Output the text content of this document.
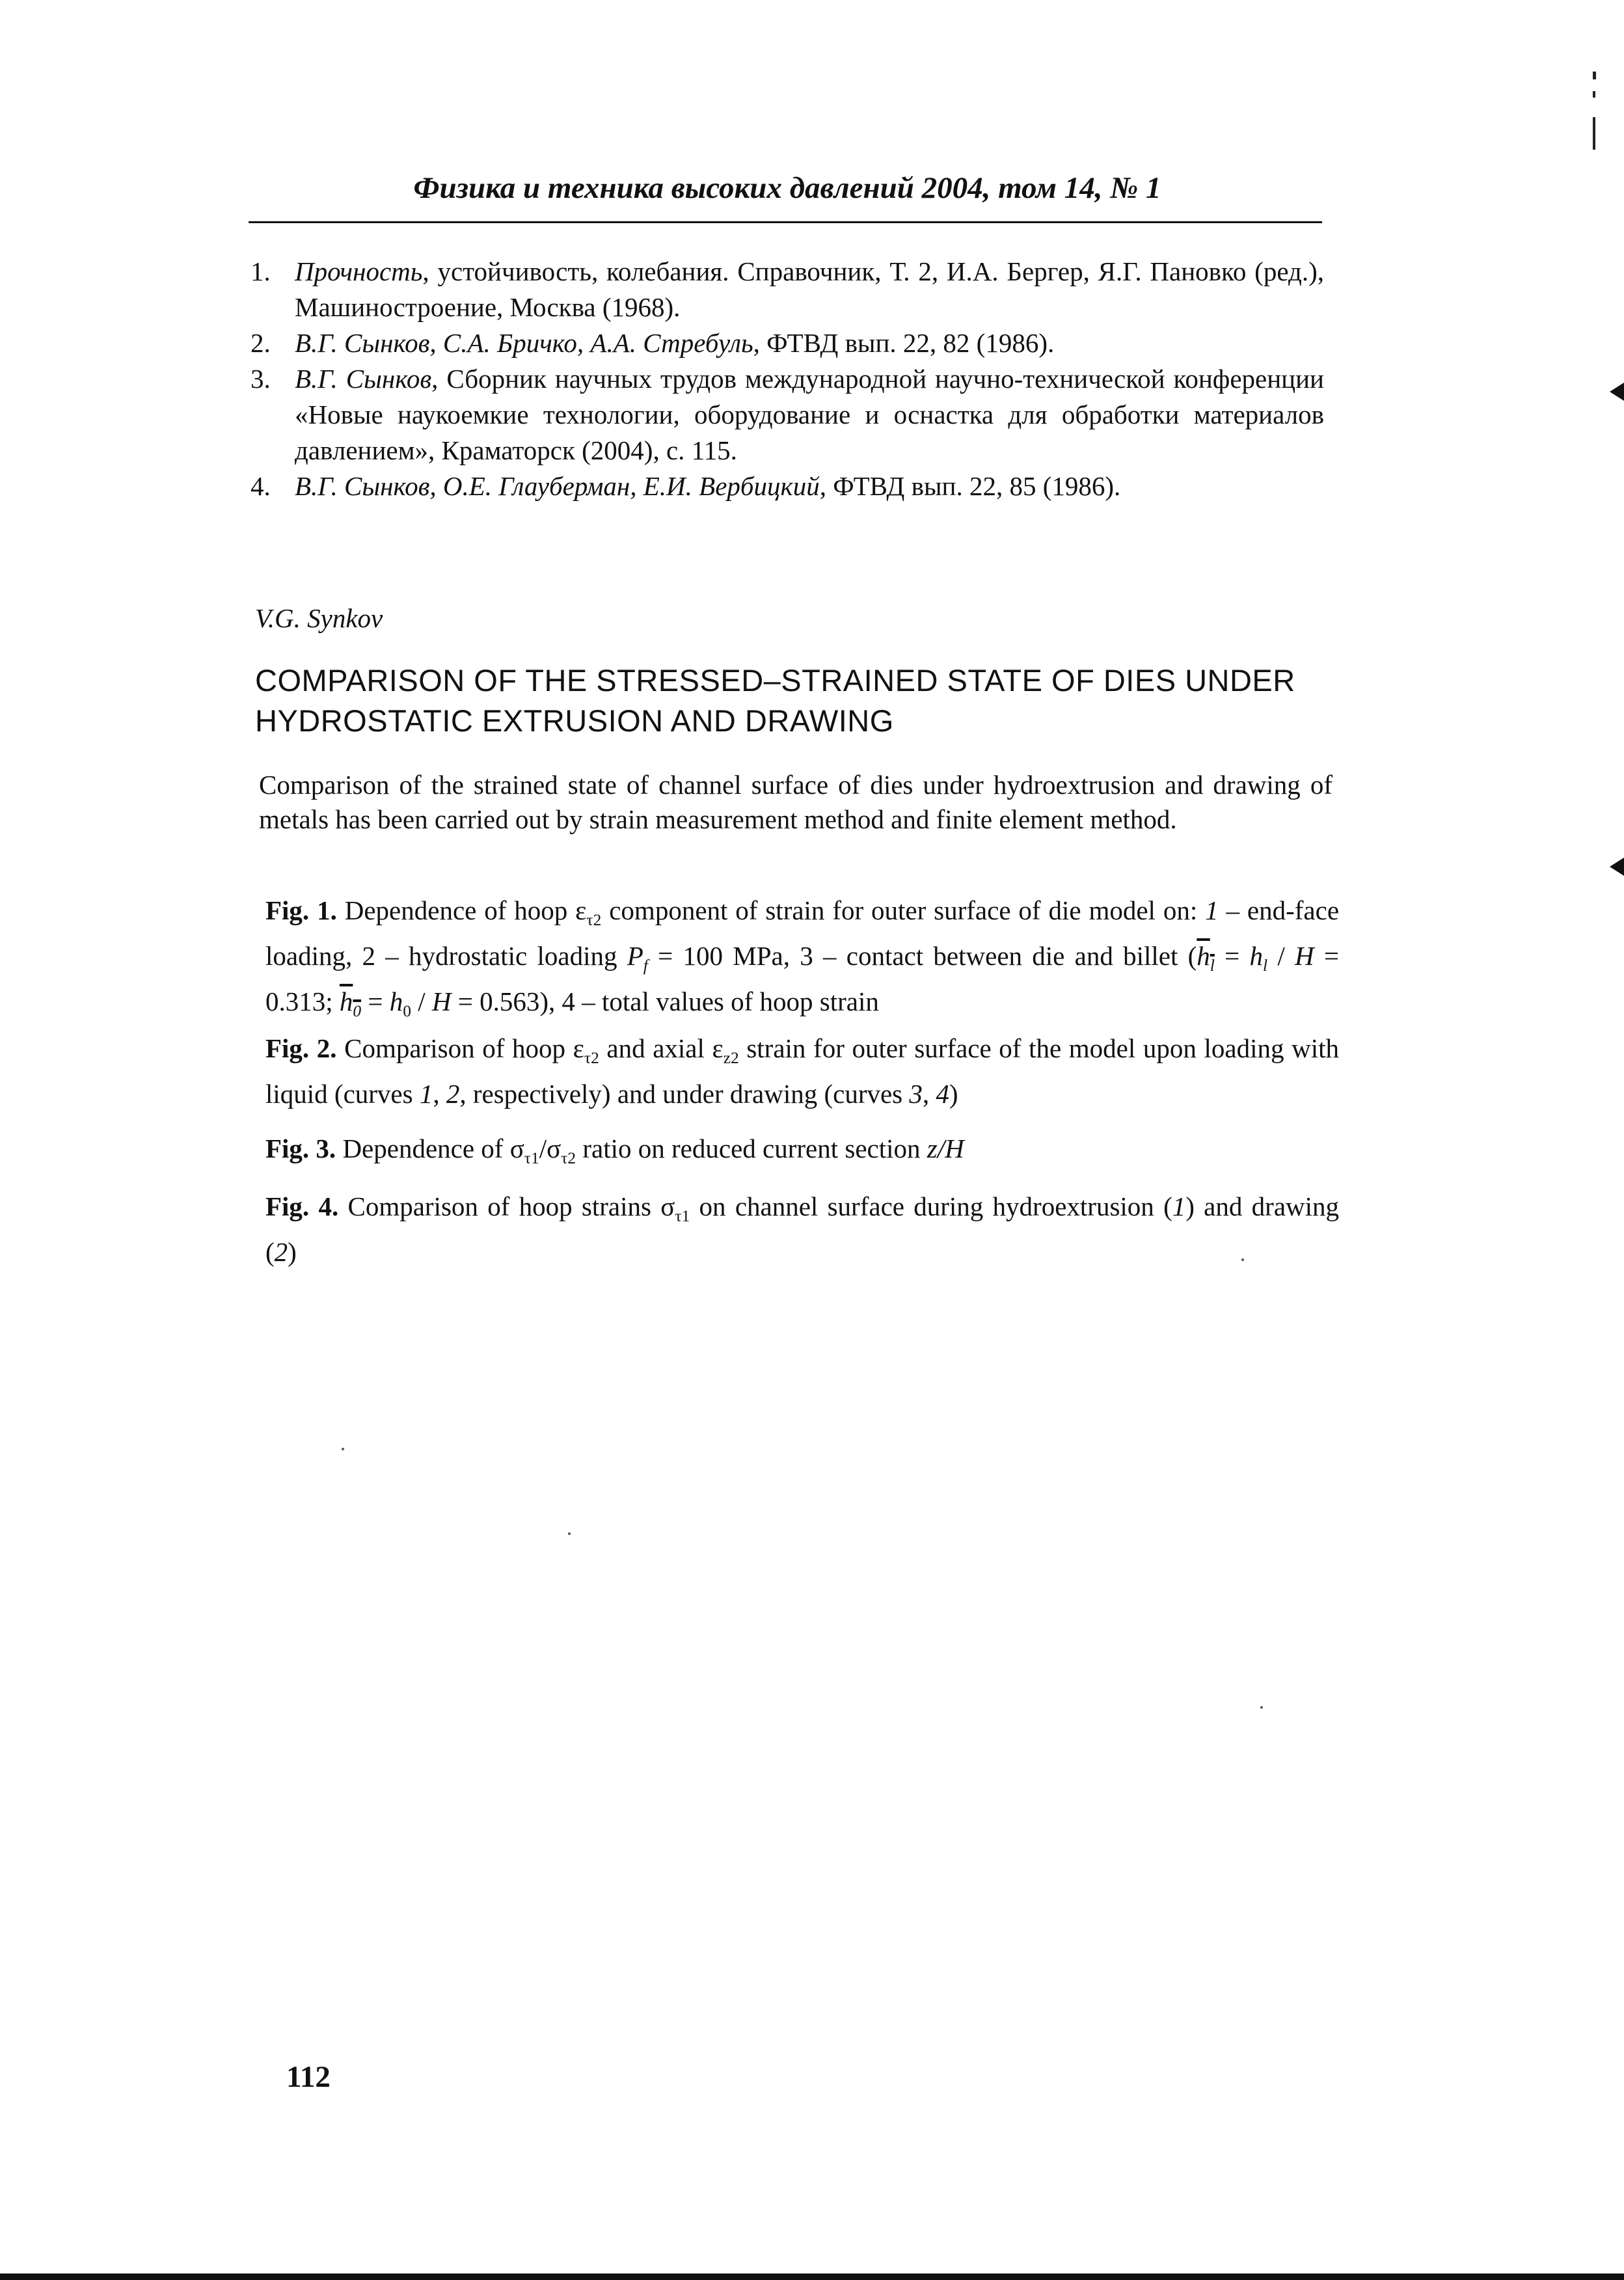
Физика и техника высоких давлений 2004, том 14, № 1
1. Прочность, устойчивость, колебания. Справочник, Т. 2, И.А. Бергер, Я.Г. Пановко (ред.), Машиностроение, Москва (1968).
2. В.Г. Сынков, С.А. Бричко, А.А. Стребуль, ФТВД вып. 22, 82 (1986).
3. В.Г. Сынков, Сборник научных трудов международной научно-технической конференции «Новые наукоемкие технологии, оборудование и оснастка для обработки материалов давлением», Краматорск (2004), с. 115.
4. В.Г. Сынков, О.Е. Глауберман, Е.И. Вербицкий, ФТВД вып. 22, 85 (1986).
V.G. Synkov
COMPARISON OF THE STRESSED–STRAINED STATE OF DIES UNDER HYDROSTATIC EXTRUSION AND DRAWING
Comparison of the strained state of channel surface of dies under hydroextrusion and drawing of metals has been carried out by strain measurement method and finite element method.
Fig. 1. Dependence of hoop $\varepsilon_{\tau 2}$ component of strain for outer surface of die model on: 1 – end-face loading, 2 – hydrostatic loading $P_f = 100$ MPa, 3 – contact between die and billet ($h_l = h_l / H = 0.313$; $h_0 = h_0 / H = 0.563$), 4 – total values of hoop strain
Fig. 2. Comparison of hoop $\varepsilon_{\tau 2}$ and axial $\varepsilon_{z2}$ strain for outer surface of the model upon loading with liquid (curves 1, 2, respectively) and under drawing (curves 3, 4)
Fig. 3. Dependence of $\sigma_{\tau 1}/\sigma_{\tau 2}$ ratio on reduced current section z/H
Fig. 4. Comparison of hoop strains $\sigma_{\tau 1}$ on channel surface during hydroextrusion (1) and drawing (2)
112
